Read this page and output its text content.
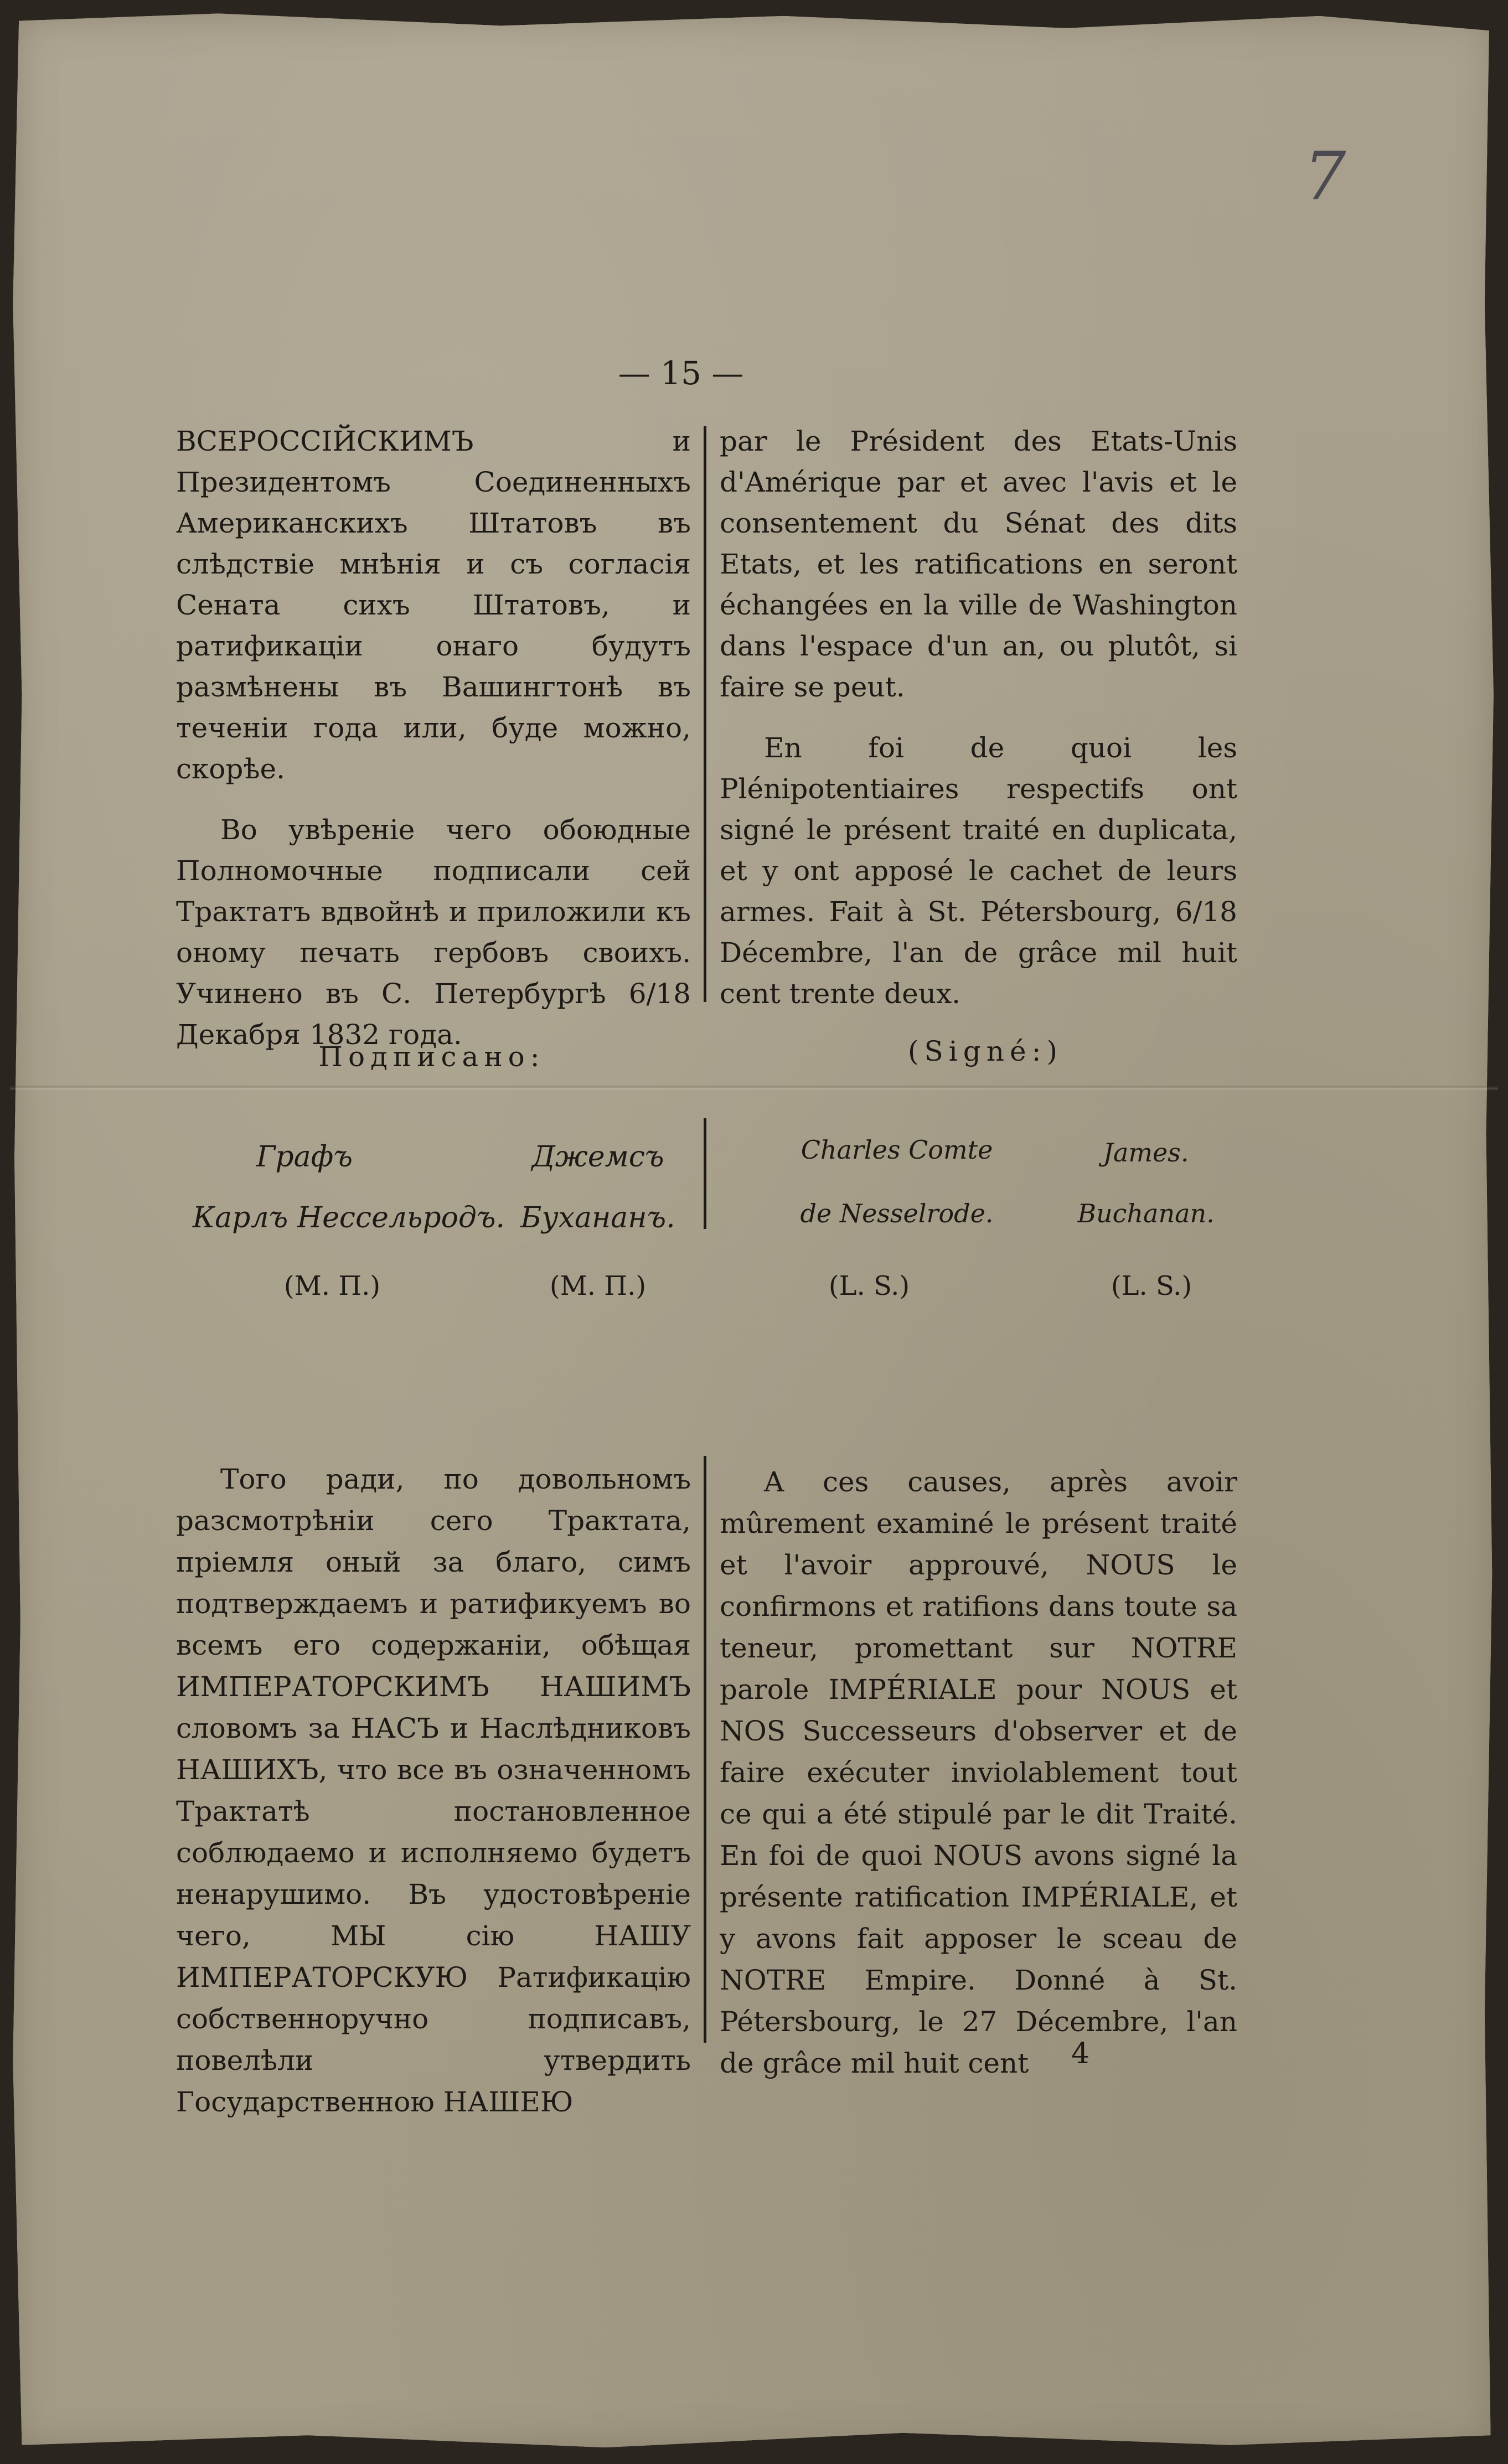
7
— 15 —

ВСЕРОССІЙСКИМЪ и Президентомъ Соединенныхъ Американскихъ Штатовъ въ слѣдствіе мнѣнія и съ согласія Сената сихъ Штатовъ, и ратификаціи онаго будутъ размѣнены въ Вашингтонѣ въ теченіи года или, буде можно, скорѣе.

Во увѣреніе чего обоюдные Полномочные подписали сей Трактатъ вдвойнѣ и приложили къ оному печать гербовъ своихъ. Учинено въ С. Петербургѣ 6/18 Декабря 1832 года.

par le Président des Etats-Unis d'Amérique par et avec l'avis et le consentement du Sénat des dits Etats, et les ratifications en seront échangées en la ville de Washington dans l'espace d'un an, ou plutôt, si faire se peut.

En foi de quoi les Plénipotentiaires respectifs ont signé le présent traité en duplicata, et y ont apposé le cachet de leurs armes. Fait à St. Pétersbourg, 6/18 Décembre, l'an de grâce mil huit cent trente deux.

Подписано:	(Signé:)
Графъ
Карлъ Нессельродъ.
(М. П.)
Джемсъ
Бухананъ.
(М. П.)
Charles Comte
de Nesselrode.
(L. S.)
James.
Buchanan.
(L. S.)

Того ради, по довольномъ разсмотрѣніи сего Трактата, пріемля оный за благо, симъ подтверждаемъ и ратификуемъ во всемъ его содержаніи, обѣщая ИМПЕРАТОРСКИМЪ НАШИМЪ словомъ за НАСЪ и Наслѣдниковъ НАШИХЪ, что все въ означенномъ Трактатѣ постановленное соблюдаемо и исполняемо будетъ ненарушимо. Въ удостовѣреніе чего, МЫ сію НАШУ ИМПЕРАТОРСКУЮ Ратификацію собственноручно подписавъ, повелѣли утвердить Государственною НАШЕЮ

A ces causes, après avoir mûrement examiné le présent traité et l'avoir approuvé, NOUS le confirmons et ratifions dans toute sa teneur, promettant sur NOTRE parole IMPÉRIALE pour NOUS et NOS Successeurs d'observer et de faire exécuter inviolablement tout ce qui a été stipulé par le dit Traité. En foi de quoi NOUS avons signé la présente ratification IMPÉRIALE, et y avons fait apposer le sceau de NOTRE Empire. Donné à St. Pétersbourg, le 27 Décembre, l'an de grâce mil huit cent	4
